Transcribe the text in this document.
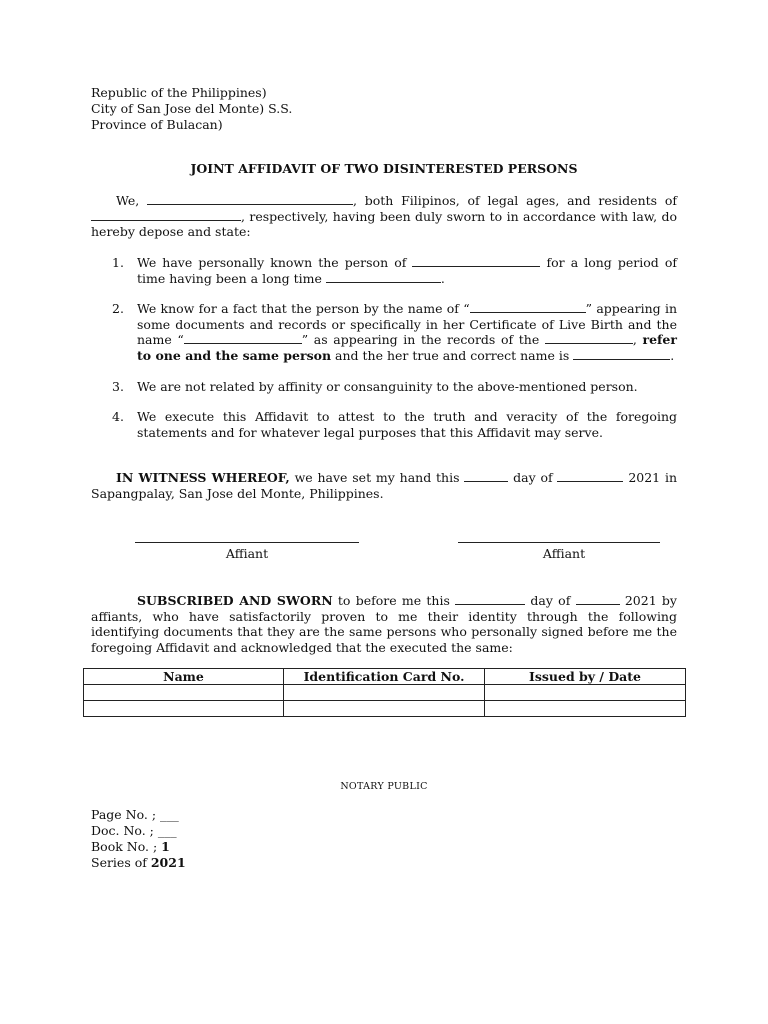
Republic of the Philippines)
City of San Jose del Monte) S.S.
Province of Bulacan)
JOINT AFFIDAVIT OF TWO DISINTERESTED PERSONS
We,	, both Filipinos, of legal ages, and residents of , respectively, having been duly sworn to in accordance with law, do hereby depose and state:
1. We have personally known the person of	for a long period of time having been a long time	.
2. We know for a fact that the person by the name of “	” appearing in some documents and records or specifically in her Certificate of Live Birth and the name “	” as appearing in the records of the	, refer to one and the same person and the her true and correct name is	.
3. We are not related by affinity or consanguinity to the above-mentioned person.
4. We execute this Affidavit to attest to the truth and veracity of the foregoing statements and for whatever legal purposes that this Affidavit may serve.
IN WITNESS WHEREOF, we have set my hand this	day of	2021 in Sapangpalay, San Jose del Monte, Philippines.
Affiant	Affiant
SUBSCRIBED AND SWORN to before me this	day of	2021 by affiants, who have satisfactorily proven to me their identity through the following identifying documents that they are the same persons who personally signed before me the foregoing Affidavit and acknowledged that the executed the same:
Name	Identification Card No.	Issued by / Date

NOTARY PUBLIC
Page No. ; ___
Doc. No. ; ___
Book No. ; 1
Series of 2021
